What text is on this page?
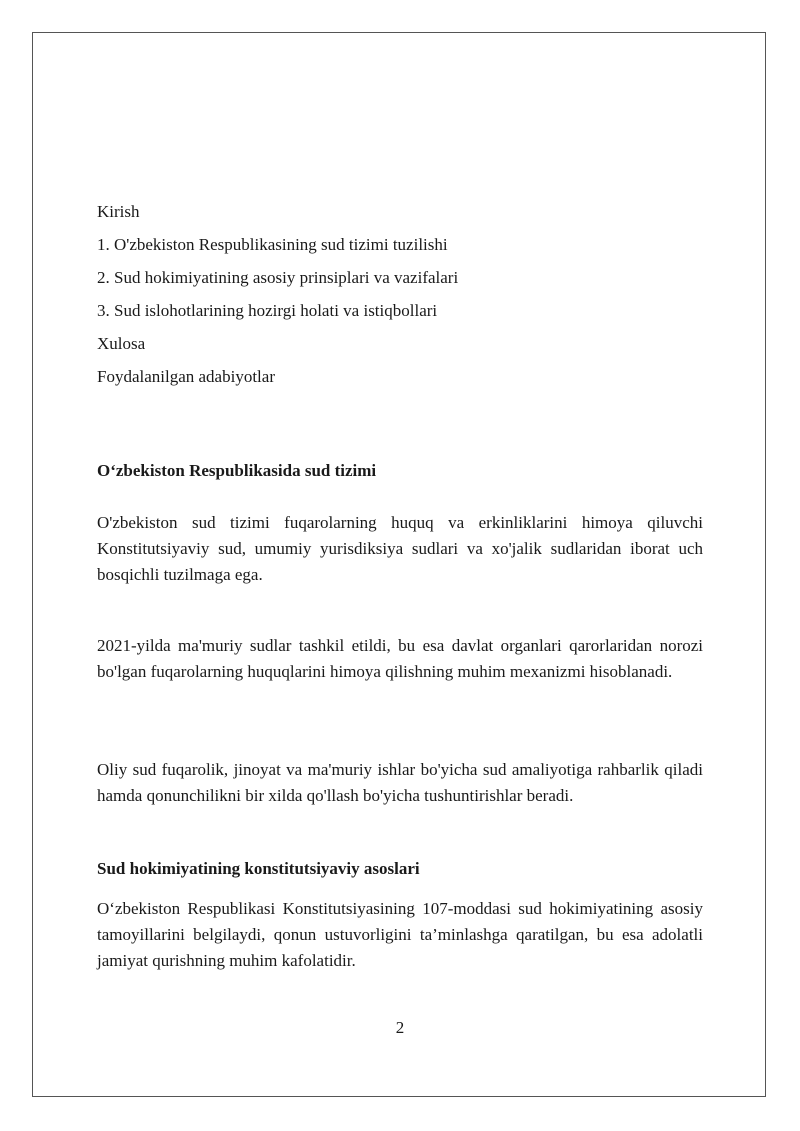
Kirish
1. O'zbekiston Respublikasining sud tizimi tuzilishi
2. Sud hokimiyatining asosiy prinsiplari va vazifalari
3. Sud islohotlarining hozirgi holati va istiqbollari
Xulosa
Foydalanilgan adabiyotlar
O‘zbekiston Respublikasida sud tizimi

O'zbekiston sud tizimi fuqarolarning huquq va erkinliklarini himoya qiluvchi Konstitutsiyaviy sud, umumiy yurisdiksiya sudlari va xo'jalik sudlaridan iborat uch bosqichli tuzilmaga ega.

2021-yilda ma'muriy sudlar tashkil etildi, bu esa davlat organlari qarorlaridan norozi bo'lgan fuqarolarning huquqlarini himoya qilishning muhim mexanizmi hisoblanadi.

Oliy sud fuqarolik, jinoyat va ma'muriy ishlar bo'yicha sud amaliyotiga rahbarlik qiladi hamda qonunchilikni bir xilda qo'llash bo'yicha tushuntirishlar beradi.

Sud hokimiyatining konstitutsiyaviy asoslari

O‘zbekiston Respublikasi Konstitutsiyasining 107-moddasi sud hokimiyatining asosiy tamoyillarini belgilaydi, qonun ustuvorligini ta’minlashga qaratilgan, bu esa adolatli jamiyat qurishning muhim kafolatidir.

2
